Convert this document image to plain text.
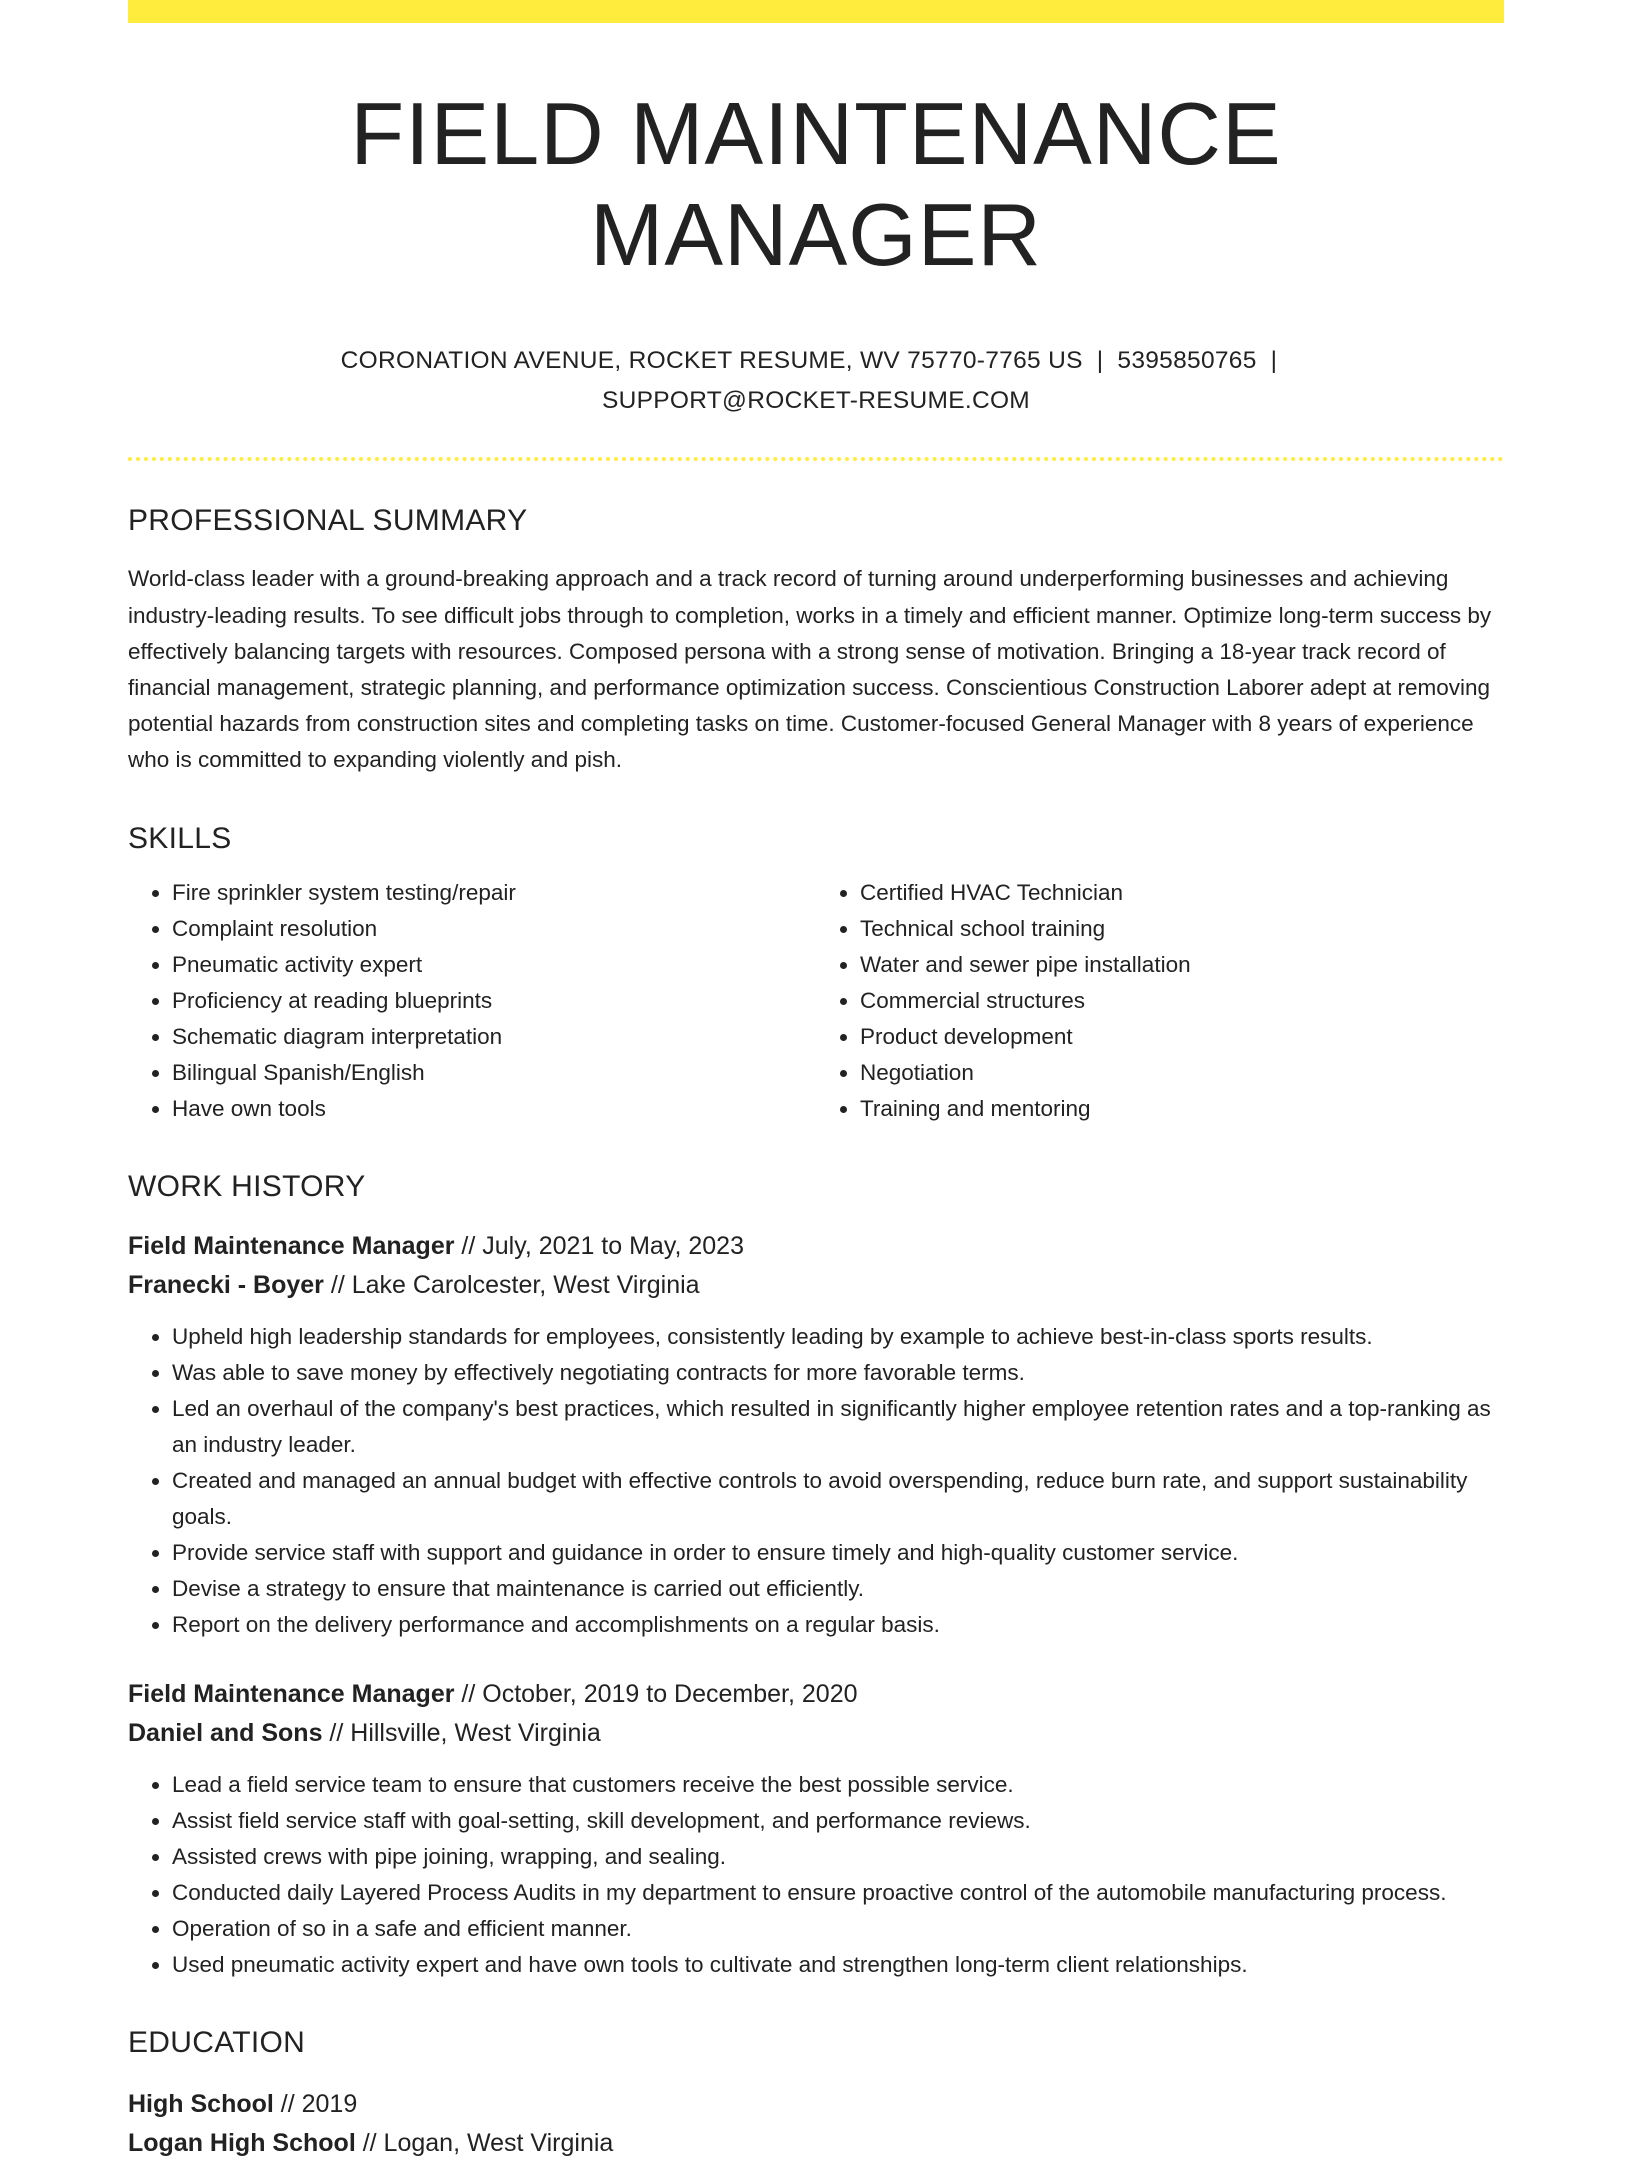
FIELD MAINTENANCE MANAGER
CORONATION AVENUE, ROCKET RESUME, WV 75770-7765 US | 5395850765 |
SUPPORT@ROCKET-RESUME.COM
PROFESSIONAL SUMMARY

World-class leader with a ground-breaking approach and a track record of turning around underperforming businesses and achieving industry-leading results. To see difficult jobs through to completion, works in a timely and efficient manner. Optimize long-term success by effectively balancing targets with resources. Composed persona with a strong sense of motivation. Bringing a 18-year track record of financial management, strategic planning, and performance optimization success. Conscientious Construction Laborer adept at removing potential hazards from construction sites and completing tasks on time. Customer-focused General Manager with 8 years of experience who is committed to expanding violently and pish.

SKILLS
• Fire sprinkler system testing/repair
• Complaint resolution
• Pneumatic activity expert
• Proficiency at reading blueprints
• Schematic diagram interpretation
• Bilingual Spanish/English
• Have own tools
• Certified HVAC Technician
• Technical school training
• Water and sewer pipe installation
• Commercial structures
• Product development
• Negotiation
• Training and mentoring
WORK HISTORY
Field Maintenance Manager // July, 2021 to May, 2023
Franecki - Boyer // Lake Carolcester, West Virginia
• Upheld high leadership standards for employees, consistently leading by example to achieve best-in-class sports results.
• Was able to save money by effectively negotiating contracts for more favorable terms.
• Led an overhaul of the company's best practices, which resulted in significantly higher employee retention rates and a top-ranking as an industry leader.
• Created and managed an annual budget with effective controls to avoid overspending, reduce burn rate, and support sustainability goals.
• Provide service staff with support and guidance in order to ensure timely and high-quality customer service.
• Devise a strategy to ensure that maintenance is carried out efficiently.
• Report on the delivery performance and accomplishments on a regular basis.
Field Maintenance Manager // October, 2019 to December, 2020
Daniel and Sons // Hillsville, West Virginia
• Lead a field service team to ensure that customers receive the best possible service.
• Assist field service staff with goal-setting, skill development, and performance reviews.
• Assisted crews with pipe joining, wrapping, and sealing.
• Conducted daily Layered Process Audits in my department to ensure proactive control of the automobile manufacturing process.
• Operation of so in a safe and efficient manner.
• Used pneumatic activity expert and have own tools to cultivate and strengthen long-term client relationships.
EDUCATION
High School // 2019
Logan High School // Logan, West Virginia
